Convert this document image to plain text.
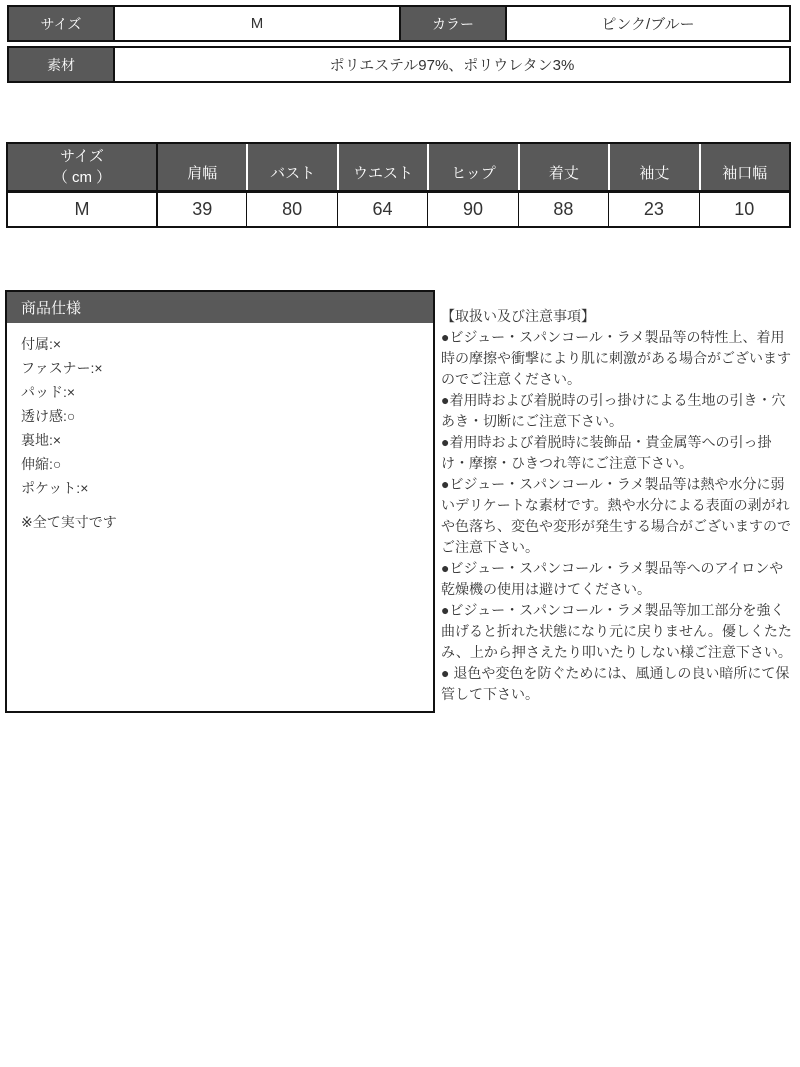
サイズ	M	カラー	ピンク/ブルー
素材	ポリエステル97%、ポリウレタン3%
サイズ
（ cm ）	肩幅	バスト	ウエスト	ヒップ	着丈	袖丈	袖口幅
M	39	80	64	90	88	23	10
商品仕様
付属:×
ファスナー:×
パッド:×
透け感:○
裏地:×
伸縮:○
ポケット:×
※全て実寸です
【取扱い及び注意事項】
●ビジュー・スパンコール・ラメ製品等の特性上、着用時の摩擦や衝撃により肌に刺激がある場合がございますのでご注意ください。
●着用時および着脱時の引っ掛けによる生地の引き・穴あき・切断にご注意下さい。
●着用時および着脱時に装飾品・貴金属等への引っ掛け・摩擦・ひきつれ等にご注意下さい。
●ビジュー・スパンコール・ラメ製品等は熱や水分に弱いデリケートな素材です。熱や水分による表面の剥がれや色落ち、変色や変形が発生する場合がございますのでご注意下さい。
●ビジュー・スパンコール・ラメ製品等へのアイロンや乾燥機の使用は避けてください。
●ビジュー・スパンコール・ラメ製品等加工部分を強く曲げると折れた状態になり元に戻りません。優しくたたみ、上から押さえたり叩いたりしない様ご注意下さい。
● 退色や変色を防ぐためには、風通しの良い暗所にて保管して下さい。
